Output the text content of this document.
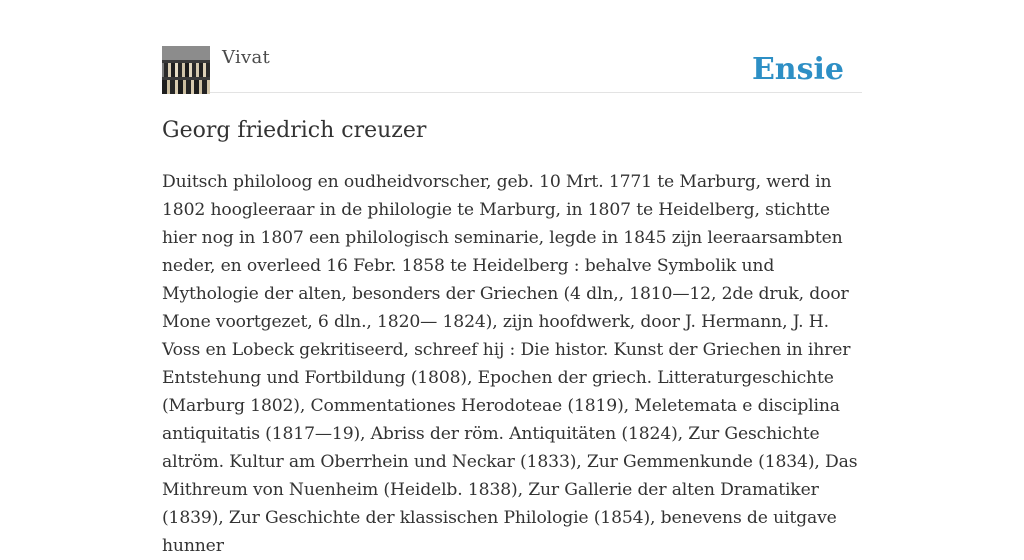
Vivat	Ensie
Georg friedrich creuzer

Duitsch philoloog en oudheidvorscher, geb. 10 Mrt. 1771 te Marburg, werd in 1802 hoogleeraar in de philologie te Marburg, in 1807 te Heidelberg, stichtte hier nog in 1807 een philologisch seminarie, legde in 1845 zijn leeraarsambten neder, en overleed 16 Febr. 1858 te Heidelberg : behalve Symbolik und Mythologie der alten, besonders der Griechen (4 dln,, 1810—12, 2de druk, door Mone voortgezet, 6 dln., 1820— 1824), zijn hoofdwerk, door J. Hermann, J. H. Voss en Lobeck gekritiseerd, schreef hij : Die histor. Kunst der Griechen in ihrer Entstehung und Fortbildung (1808), Epochen der griech. Litteraturgeschichte (Marburg 1802), Commentationes Herodoteae (1819), Meletemata e disciplina antiquitatis (1817—19), Abriss der röm. Antiquitäten (1824), Zur Geschichte altröm. Kultur am Oberrhein und Neckar (1833), Zur Gemmenkunde (1834), Das Mithreum von Nuenheim (Heidelb. 1838), Zur Gallerie der alten Dramatiker (1839), Zur Geschichte der klassischen Philologie (1854), benevens de uitgave hunner
